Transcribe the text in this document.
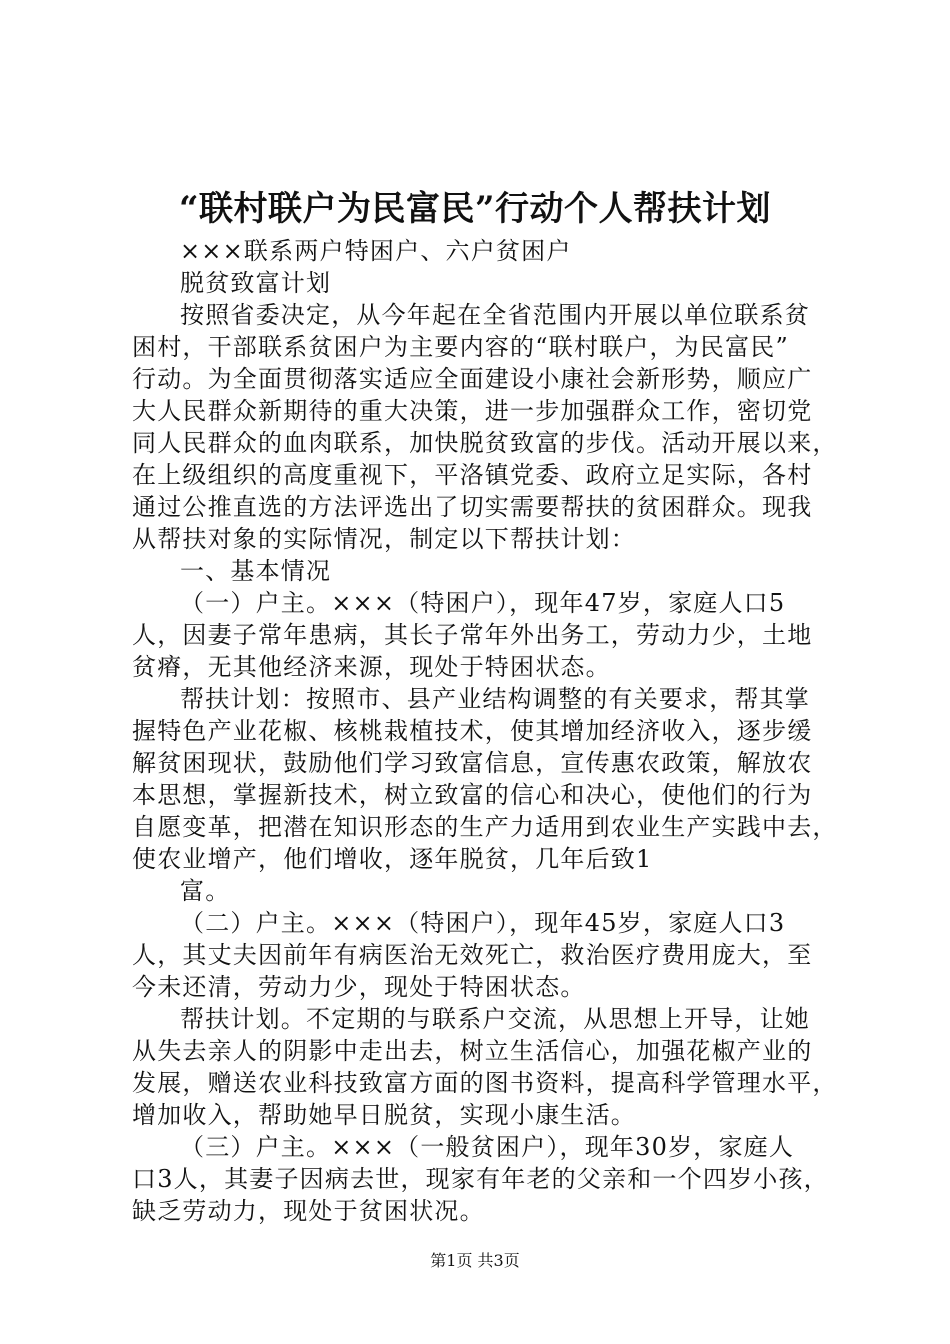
“联村联户为民富民”行动个人帮扶计划
×××联系两户特困户、六户贫困户
脱贫致富计划
按照省委决定，从今年起在全省范围内开展以单位联系贫
困村，干部联系贫困户为主要内容的“联村联户，为民富民”
行动。为全面贯彻落实适应全面建设小康社会新形势，顺应广
大人民群众新期待的重大决策，进一步加强群众工作，密切党
同人民群众的血肉联系，加快脱贫致富的步伐。活动开展以来，
在上级组织的高度重视下，平洛镇党委、政府立足实际，各村
通过公推直选的方法评选出了切实需要帮扶的贫困群众。现我
从帮扶对象的实际情况，制定以下帮扶计划：
一、基本情况
（一）户主。×××（特困户），现年47岁，家庭人口5
人，因妻子常年患病，其长子常年外出务工，劳动力少，土地
贫瘠，无其他经济来源，现处于特困状态。
帮扶计划：按照市、县产业结构调整的有关要求，帮其掌
握特色产业花椒、核桃栽植技术，使其增加经济收入，逐步缓
解贫困现状，鼓励他们学习致富信息，宣传惠农政策，解放农
本思想，掌握新技术，树立致富的信心和决心，使他们的行为
自愿变革，把潜在知识形态的生产力适用到农业生产实践中去，
使农业增产，他们增收，逐年脱贫，几年后致1
富。
（二）户主。×××（特困户），现年45岁，家庭人口3
人，其丈夫因前年有病医治无效死亡，救治医疗费用庞大，至
今未还清，劳动力少，现处于特困状态。
帮扶计划。不定期的与联系户交流，从思想上开导，让她
从失去亲人的阴影中走出去，树立生活信心，加强花椒产业的
发展，赠送农业科技致富方面的图书资料，提高科学管理水平，
增加收入，帮助她早日脱贫，实现小康生活。
（三）户主。×××（一般贫困户），现年30岁，家庭人
口3人，其妻子因病去世，现家有年老的父亲和一个四岁小孩，
缺乏劳动力，现处于贫困状况。
第1页 共3页
